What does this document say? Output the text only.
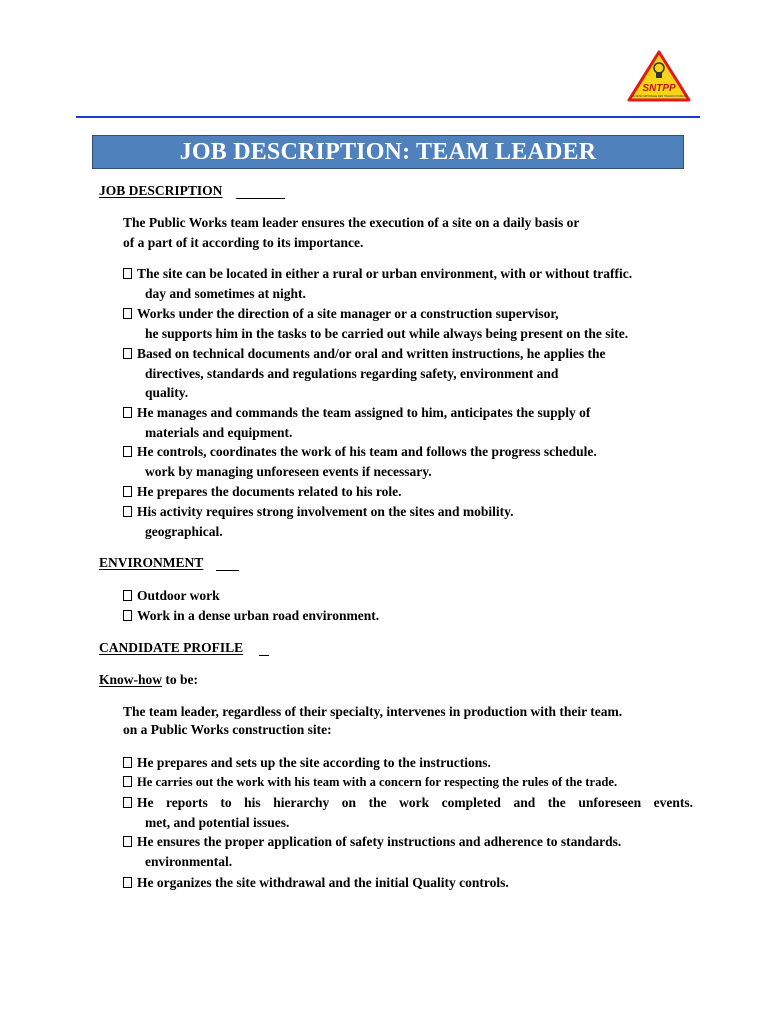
SNTPP
SOCIÉTÉ NATIONALE DES TRAVAUX PUBLICS
JOB DESCRIPTION: TEAM LEADER
JOB DESCRIPTION
The Public Works team leader ensures the execution of a site on a daily basis or
of a part of it according to its importance.
The site can be located in either a rural or urban environment, with or without traffic.
day and sometimes at night.
Works under the direction of a site manager or a construction supervisor,
he supports him in the tasks to be carried out while always being present on the site.
Based on technical documents and/or oral and written instructions, he applies the
directives, standards and regulations regarding safety, environment and
quality.
He manages and commands the team assigned to him, anticipates the supply of
materials and equipment.
He controls, coordinates the work of his team and follows the progress schedule.
work by managing unforeseen events if necessary.
He prepares the documents related to his role.
His activity requires strong involvement on the sites and mobility.
geographical.
ENVIRONMENT
Outdoor work
Work in a dense urban road environment.
CANDIDATE PROFILE
Know-how to be:
The team leader, regardless of their specialty, intervenes in production with their team.
on a Public Works construction site:
He prepares and sets up the site according to the instructions.
He carries out the work with his team with a concern for respecting the rules of the trade.
He reports to his hierarchy on the work completed and the unforeseen events.
met, and potential issues.
He ensures the proper application of safety instructions and adherence to standards.
environmental.
He organizes the site withdrawal and the initial Quality controls.
